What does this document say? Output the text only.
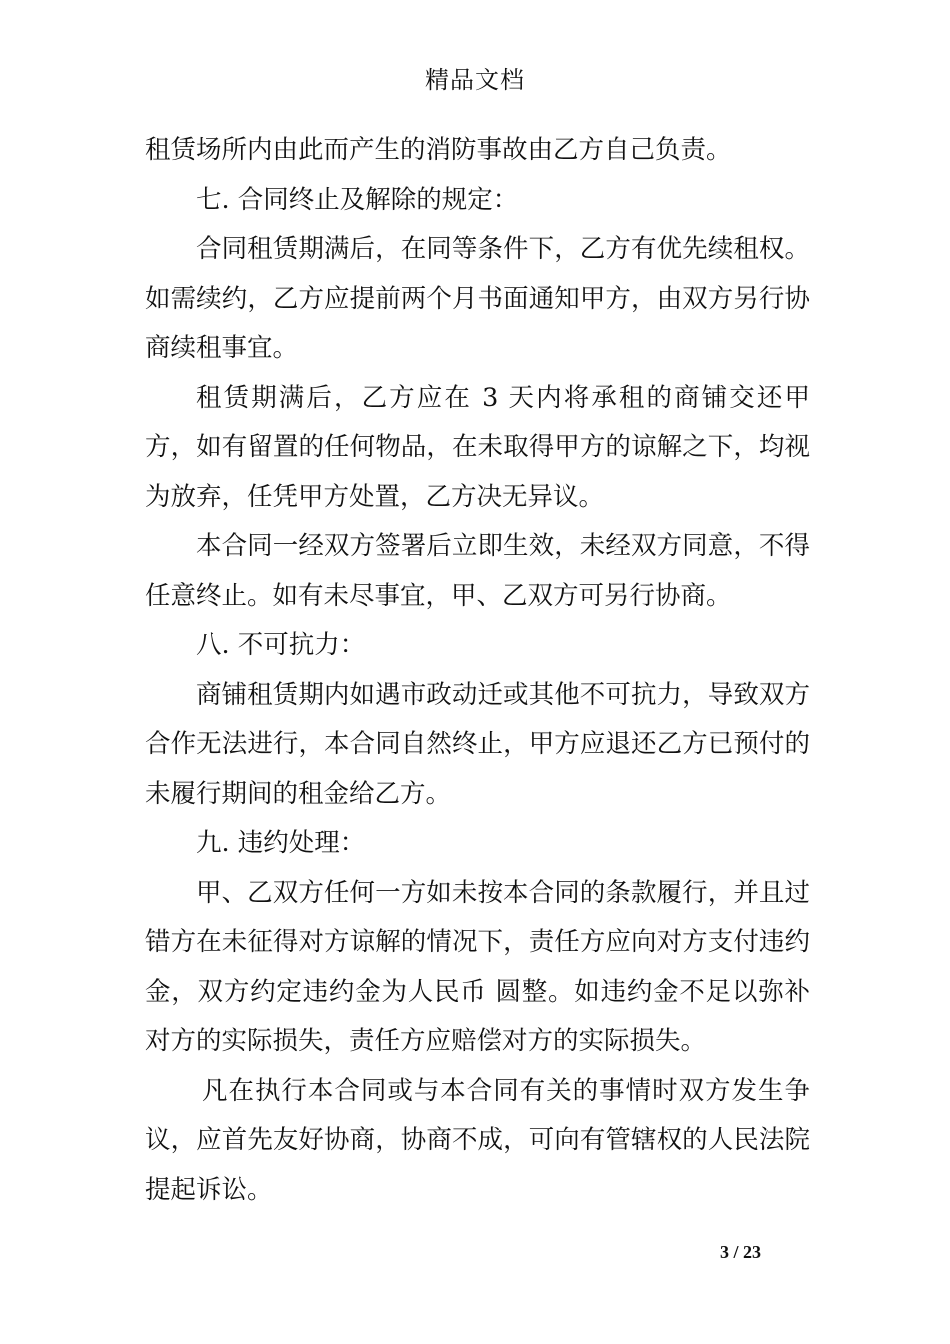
精品文档

租赁场所内由此而产生的消防事故由乙方自己负责。

七. 合同终止及解除的规定：

合同租赁期满后，在同等条件下，乙方有优先续租权。如需续约，乙方应提前两个月书面通知甲方，由双方另行协商续租事宜。

租赁期满后，乙方应在 3 天内将承租的商铺交还甲方，如有留置的任何物品，在未取得甲方的谅解之下，均视为放弃，任凭甲方处置，乙方决无异议。

本合同一经双方签署后立即生效，未经双方同意，不得任意终止。如有未尽事宜，甲、乙双方可另行协商。

八. 不可抗力：

商铺租赁期内如遇市政动迁或其他不可抗力，导致双方合作无法进行，本合同自然终止，甲方应退还乙方已预付的未履行期间的租金给乙方。

九. 违约处理：

甲、乙双方任何一方如未按本合同的条款履行，并且过错方在未征得对方谅解的情况下，责任方应向对方支付违约金，双方约定违约金为人民币 圆整。如违约金不足以弥补对方的实际损失，责任方应赔偿对方的实际损失。

凡在执行本合同或与本合同有关的事情时双方发生争议，应首先友好协商，协商不成，可向有管辖权的人民法院提起诉讼。

3 / 23
